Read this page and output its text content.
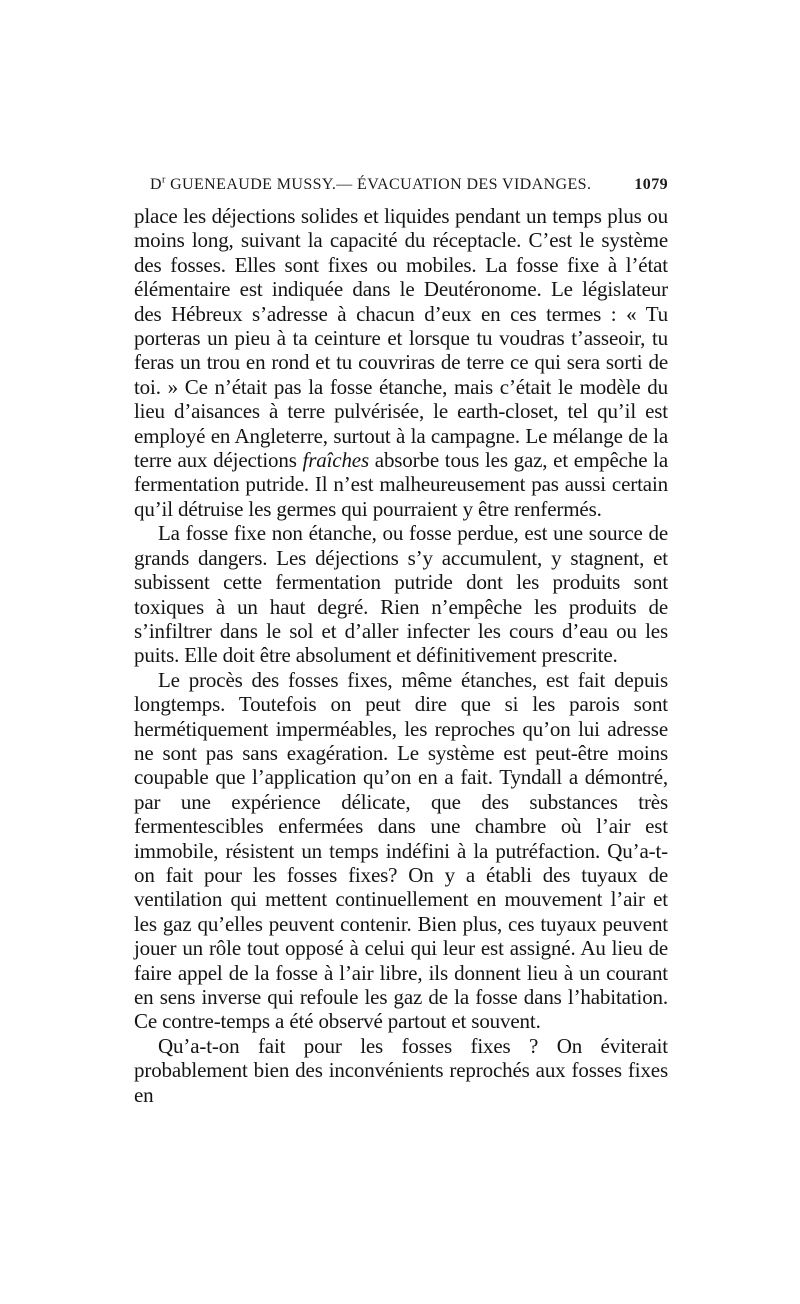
$D^r$ GUENEAUDE MUSSY.— ÉVACUATION DES VIDANGES.	1079

place les déjections solides et liquides pendant un temps plus ou moins long, suivant la capacité du réceptacle. C’est le système des fosses. Elles sont fixes ou mobiles. La fosse fixe à l’état élémentaire est indiquée dans le Deutéronome. Le législateur des Hébreux s’adresse à chacun d’eux en ces termes : « Tu porteras un pieu à ta ceinture et lorsque tu voudras t’asseoir, tu feras un trou en rond et tu couvriras de terre ce qui sera sorti de toi. » Ce n’était pas la fosse étanche, mais c’était le modèle du lieu d’aisances à terre pulvérisée, le earth-closet, tel qu’il est employé en Angleterre, surtout à la campagne. Le mélange de la terre aux déjections fraîches absorbe tous les gaz, et empêche la fermentation putride. Il n’est malheureusement pas aussi certain qu’il détruise les germes qui pourraient y être renfermés.

La fosse fixe non étanche, ou fosse perdue, est une source de grands dangers. Les déjections s’y accumulent, y stagnent, et subissent cette fermentation putride dont les produits sont toxiques à un haut degré. Rien n’empêche les produits de s’infiltrer dans le sol et d’aller infecter les cours d’eau ou les puits. Elle doit être absolument et définitivement prescrite.

Le procès des fosses fixes, même étanches, est fait depuis longtemps. Toutefois on peut dire que si les parois sont hermétiquement imperméables, les reproches qu’on lui adresse ne sont pas sans exagération. Le système est peut-être moins coupable que l’application qu’on en a fait. Tyndall a démontré, par une expérience délicate, que des substances très fermentescibles enfermées dans une chambre où l’air est immobile, résistent un temps indéfini à la putréfaction. Qu’a-t-on fait pour les fosses fixes? On y a établi des tuyaux de ventilation qui mettent continuellement en mouvement l’air et les gaz qu’elles peuvent contenir. Bien plus, ces tuyaux peuvent jouer un rôle tout opposé à celui qui leur est assigné. Au lieu de faire appel de la fosse à l’air libre, ils donnent lieu à un courant en sens inverse qui refoule les gaz de la fosse dans l’habitation. Ce contre-temps a été observé partout et souvent.

Qu’a-t-on fait pour les fosses fixes ? On éviterait probablement bien des inconvénients reprochés aux fosses fixes en
